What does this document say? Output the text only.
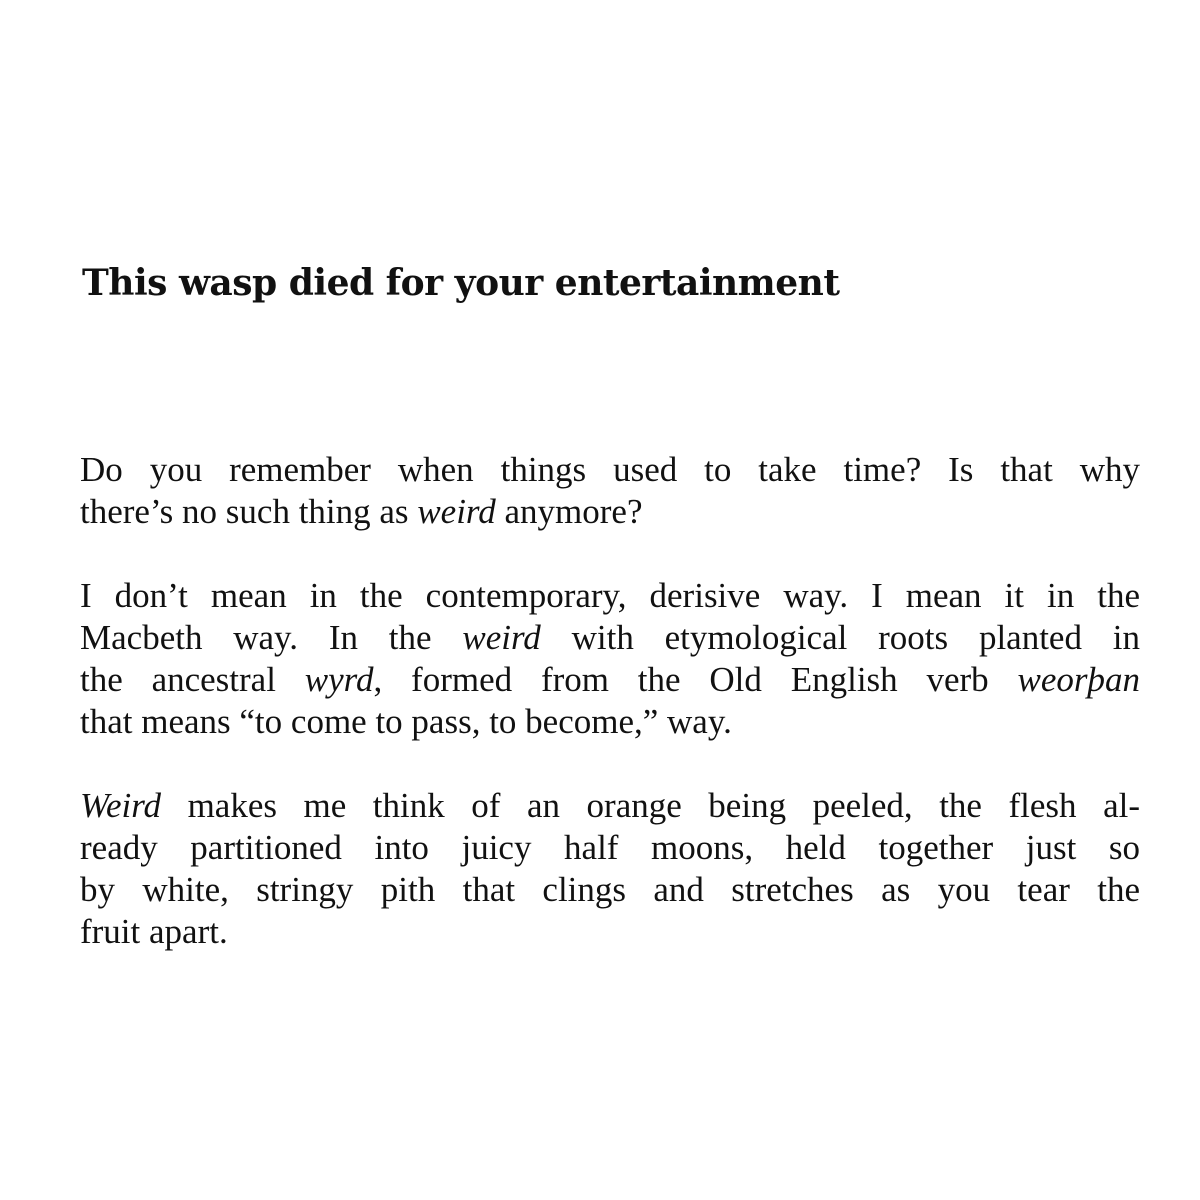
This wasp died for your entertainment

Do you remember when things used to take time? Is that why
there’s no such thing as weird anymore?

I don’t mean in the contemporary, derisive way. I mean it in the
Macbeth way. In the weird with etymological roots planted in
the ancestral wyrd, formed from the Old English verb weorþan
that means “to come to pass, to become,” way.

Weird makes me think of an orange being peeled, the flesh al-
ready partitioned into juicy half moons, held together just so
by white, stringy pith that clings and stretches as you tear the
fruit apart.
